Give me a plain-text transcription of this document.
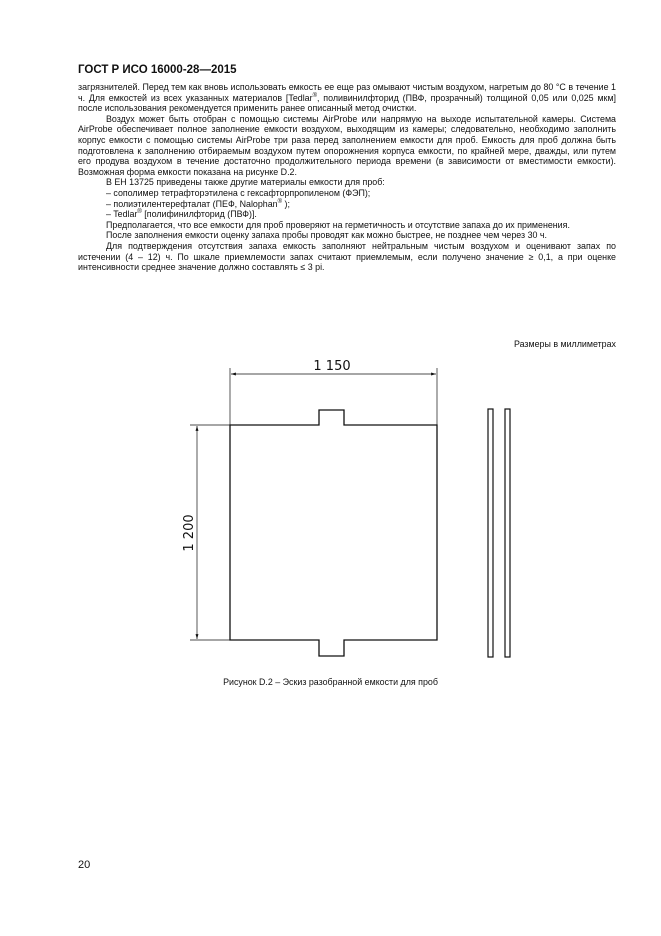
ГОСТ Р ИСО 16000-28—2015

загрязнителей. Перед тем как вновь использовать емкость ее еще раз омывают чистым воздухом, нагретым до 80 °С в течение 1 ч. Для емкостей из всех указанных материалов [Tedlar®, поливинилфторид (ПВФ, прозрачный) толщиной 0,05 или 0,025 мкм] после использования рекомендуется применить ранее описанный метод очистки.

Воздух может быть отобран с помощью системы AirProbe или напрямую на выходе испытательной камеры. Система AirProbe обеспечивает полное заполнение емкости воздухом, выходящим из камеры; следовательно, необходимо заполнить корпус емкости с помощью системы AirProbe три раза перед заполнением емкости для проб. Емкость для проб должна быть подготовлена к заполнению отбираемым воздухом путем опорожнения корпуса емкости, по крайней мере, дважды, или путем его продува воздухом в течение достаточно продолжительного периода времени (в зависимости от вместимости емкости). Возможная форма емкости показана на рисунке D.2.

В ЕН 13725 приведены также другие материалы емкости для проб:

– сополимер тетрафторэтилена с гексафторпропиленом (ФЭП);

– полиэтилентерефталат (ПЕФ, Nalophan® );

– Tedlar® [полифинилфторид (ПВФ)].

Предполагается, что все емкости для проб проверяют на герметичность и отсутствие запаха до их применения.

После заполнения емкости оценку запаха пробы проводят как можно быстрее, не позднее чем через 30 ч.

Для подтверждения отсутствия запаха емкость заполняют нейтральным чистым воздухом и оценивают запах по истечении (4 – 12) ч. По шкале приемлемости запах считают приемлемым, если получено значение ≥ 0,1, а при оценке интенсивности среднее значение должно составлять ≤ 3 pi.

Размеры в миллиметрах
1 150
1 200
Рисунок D.2 – Эскиз разобранной емкости для проб
20
